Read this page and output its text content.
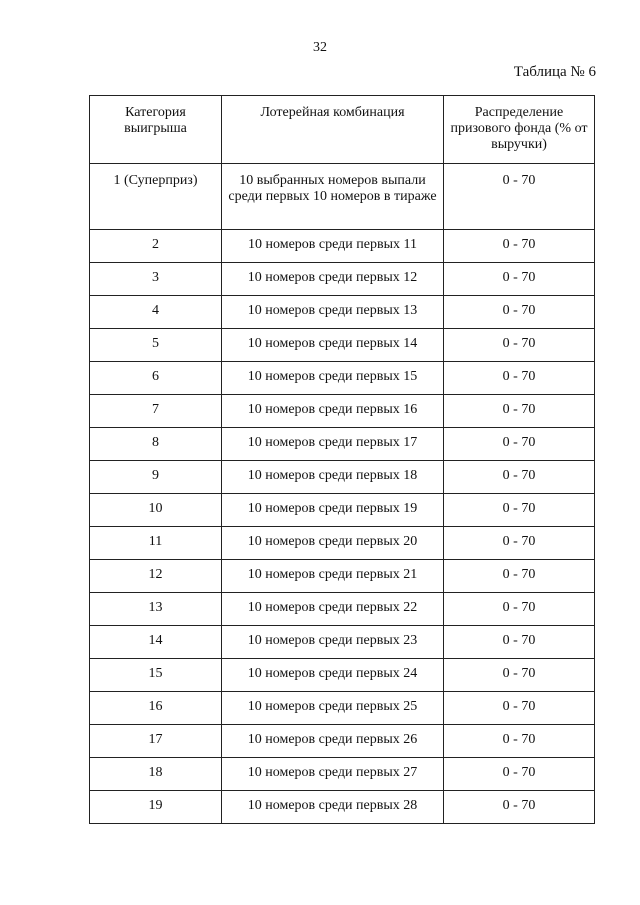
32
Таблица № 6
Категория выигрыша	Лотерейная комбинация	Распределение призового фонда (% от выручки)
1 (Суперприз)	10 выбранных номеров выпали среди первых 10 номеров в тираже	0 - 70
2	10 номеров среди первых 11	0 - 70
3	10 номеров среди первых 12	0 - 70
4	10 номеров среди первых 13	0 - 70
5	10 номеров среди первых 14	0 - 70
6	10 номеров среди первых 15	0 - 70
7	10 номеров среди первых 16	0 - 70
8	10 номеров среди первых 17	0 - 70
9	10 номеров среди первых 18	0 - 70
10	10 номеров среди первых 19	0 - 70
11	10 номеров среди первых 20	0 - 70
12	10 номеров среди первых 21	0 - 70
13	10 номеров среди первых 22	0 - 70
14	10 номеров среди первых 23	0 - 70
15	10 номеров среди первых 24	0 - 70
16	10 номеров среди первых 25	0 - 70
17	10 номеров среди первых 26	0 - 70
18	10 номеров среди первых 27	0 - 70
19	10 номеров среди первых 28	0 - 70
